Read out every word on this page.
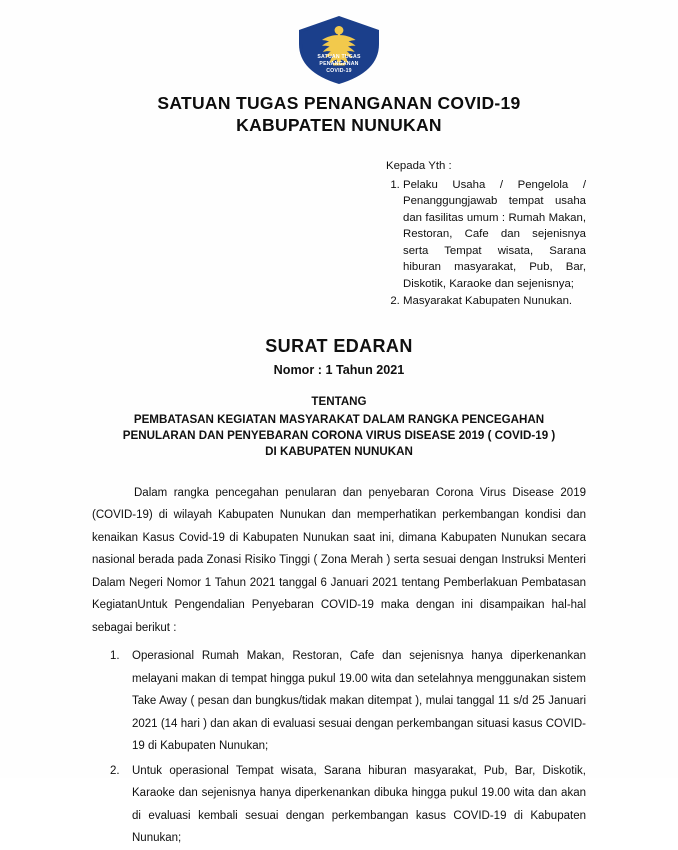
SATUAN TUGAS
PENANGANAN
COVID-19
SATUAN TUGAS PENANGANAN COVID-19
KABUPATEN NUNUKAN
Kepada Yth :
1. Pelaku Usaha / Pengelola / Penanggungjawab tempat usaha dan fasilitas umum : Rumah Makan, Restoran, Cafe dan sejenisnya serta Tempat wisata, Sarana hiburan masyarakat, Pub, Bar, Diskotik, Karaoke dan sejenisnya;
2. Masyarakat Kabupaten Nunukan.
SURAT EDARAN
Nomor : 1 Tahun 2021
TENTANG
PEMBATASAN KEGIATAN MASYARAKAT DALAM RANGKA PENCEGAHAN
PENULARAN DAN PENYEBARAN CORONA VIRUS DISEASE 2019 ( COVID-19 )
DI KABUPATEN NUNUKAN

Dalam rangka pencegahan penularan dan penyebaran Corona Virus Disease 2019 (COVID-19) di wilayah Kabupaten Nunukan dan memperhatikan perkembangan kondisi dan kenaikan Kasus Covid-19 di Kabupaten Nunukan saat ini, dimana Kabupaten Nunukan secara nasional berada pada Zonasi Risiko Tinggi ( Zona Merah ) serta sesuai dengan Instruksi Menteri Dalam Negeri Nomor 1 Tahun 2021 tanggal 6 Januari 2021 tentang Pemberlakuan Pembatasan KegiatanUntuk Pengendalian Penyebaran COVID-19 maka dengan ini disampaikan hal-hal sebagai berikut :

1. Operasional Rumah Makan, Restoran, Cafe dan sejenisnya hanya diperkenankan melayani makan di tempat hingga pukul 19.00 wita dan setelahnya menggunakan sistem Take Away ( pesan dan bungkus/tidak makan ditempat ), mulai tanggal 11 s/d 25 Januari 2021 (14 hari ) dan akan di evaluasi sesuai dengan perkembangan situasi kasus COVID-19 di Kabupaten Nunukan;
2. Untuk operasional Tempat wisata, Sarana hiburan masyarakat, Pub, Bar, Diskotik, Karaoke dan sejenisnya hanya diperkenankan dibuka hingga pukul 19.00 wita dan akan di evaluasi kembali sesuai dengan perkembangan kasus COVID-19 di Kabupaten Nunukan;
